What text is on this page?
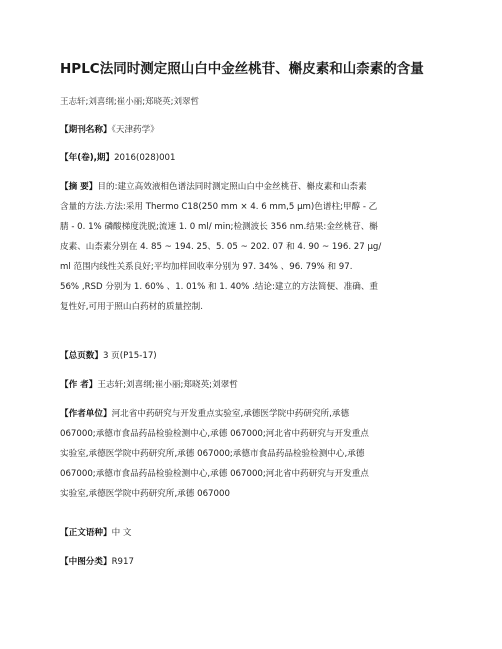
HPLC法同时测定照山白中金丝桃苷、槲皮素和山柰素的含量
王志轩;刘喜纲;崔小丽;郑晓英;刘翠哲
【期刊名称】《天津药学》
【年(卷),期】2016(028)001
【摘 要】目的:建立高效液相色谱法同时测定照山白中金丝桃苷、槲皮素和山柰素
含量的方法.方法:采用 Thermo C18(250 mm × 4. 6 mm,5 μm)色谱柱;甲醇 - 乙
腈 - 0. 1% 磷酸梯度洗脱;流速 1. 0 ml/ min;检测波长 356 nm.结果:金丝桃苷、槲
皮素、山柰素分别在 4. 85 ~ 194. 25、5. 05 ~ 202. 07 和 4. 90 ~ 196. 27 μg/
ml 范围内线性关系良好;平均加样回收率分别为 97. 34% 、96. 79% 和 97.
56% ,RSD 分别为 1. 60% 、1. 01% 和 1. 40% .结论:建立的方法简便、准确、重
复性好,可用于照山白药材的质量控制.
【总页数】3 页(P15-17)
【作 者】王志轩;刘喜纲;崔小丽;郑晓英;刘翠哲
【作者单位】河北省中药研究与开发重点实验室,承德医学院中药研究所,承德
067000;承德市食品药品检验检测中心,承德 067000;河北省中药研究与开发重点
实验室,承德医学院中药研究所,承德 067000;承德市食品药品检验检测中心,承德
067000;承德市食品药品检验检测中心,承德 067000;河北省中药研究与开发重点
实验室,承德医学院中药研究所,承德 067000
【正文语种】中 文
【中图分类】R917
